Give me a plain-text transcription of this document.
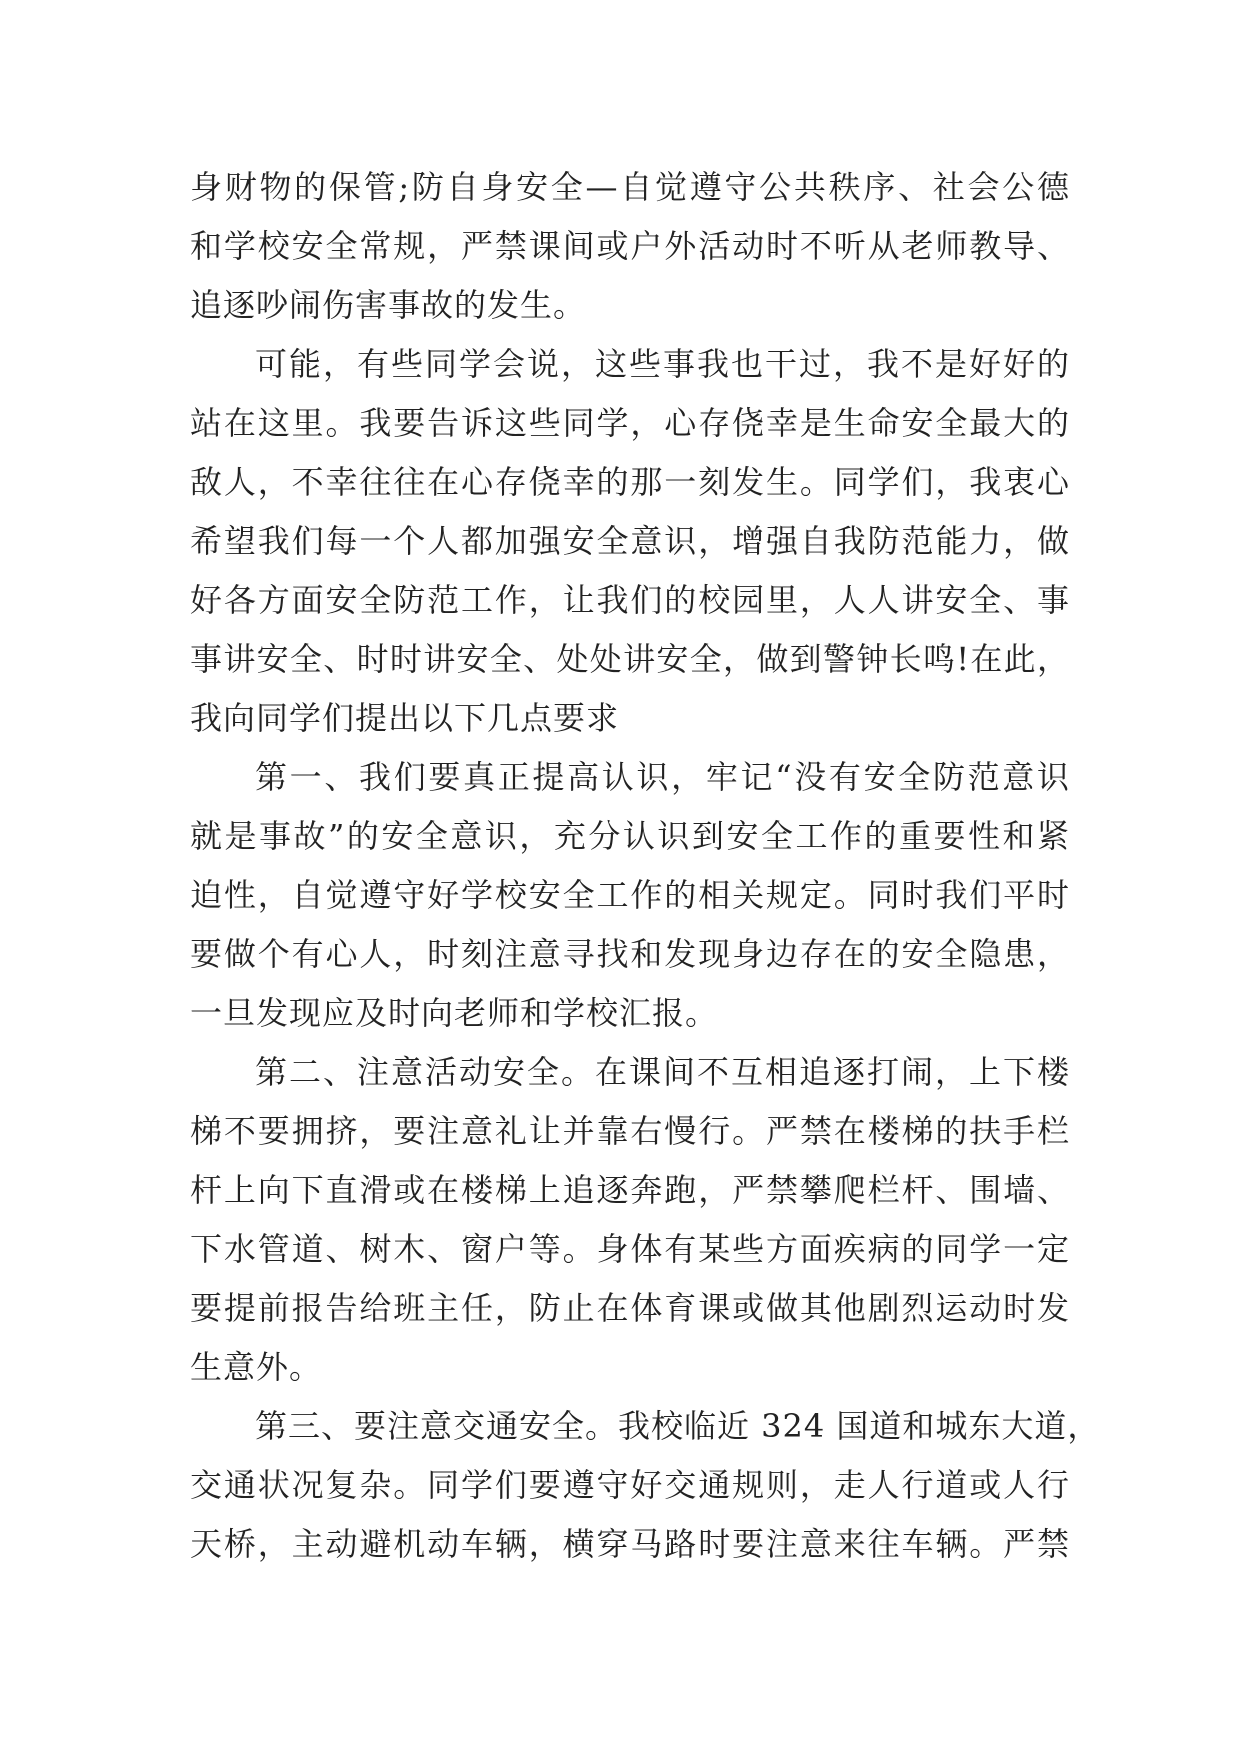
身财物的保管;防自身安全—自觉遵守公共秩序、社会公德
和学校安全常规，严禁课间或户外活动时不听从老师教导、
追逐吵闹伤害事故的发生。
可能，有些同学会说，这些事我也干过，我不是好好的
站在这里。我要告诉这些同学，心存侥幸是生命安全最大的
敌人，不幸往往在心存侥幸的那一刻发生。同学们，我衷心
希望我们每一个人都加强安全意识，增强自我防范能力，做
好各方面安全防范工作，让我们的校园里，人人讲安全、事
事讲安全、时时讲安全、处处讲安全，做到警钟长鸣!在此，
我向同学们提出以下几点要求
第一、我们要真正提高认识，牢记“没有安全防范意识
就是事故”的安全意识，充分认识到安全工作的重要性和紧
迫性，自觉遵守好学校安全工作的相关规定。同时我们平时
要做个有心人，时刻注意寻找和发现身边存在的安全隐患，
一旦发现应及时向老师和学校汇报。
第二、注意活动安全。在课间不互相追逐打闹，上下楼
梯不要拥挤，要注意礼让并靠右慢行。严禁在楼梯的扶手栏
杆上向下直滑或在楼梯上追逐奔跑，严禁攀爬栏杆、围墙、
下水管道、树木、窗户等。身体有某些方面疾病的同学一定
要提前报告给班主任，防止在体育课或做其他剧烈运动时发
生意外。
第三、要注意交通安全。我校临近 324 国道和城东大道，
交通状况复杂。同学们要遵守好交通规则，走人行道或人行
天桥，主动避机动车辆，横穿马路时要注意来往车辆。严禁
